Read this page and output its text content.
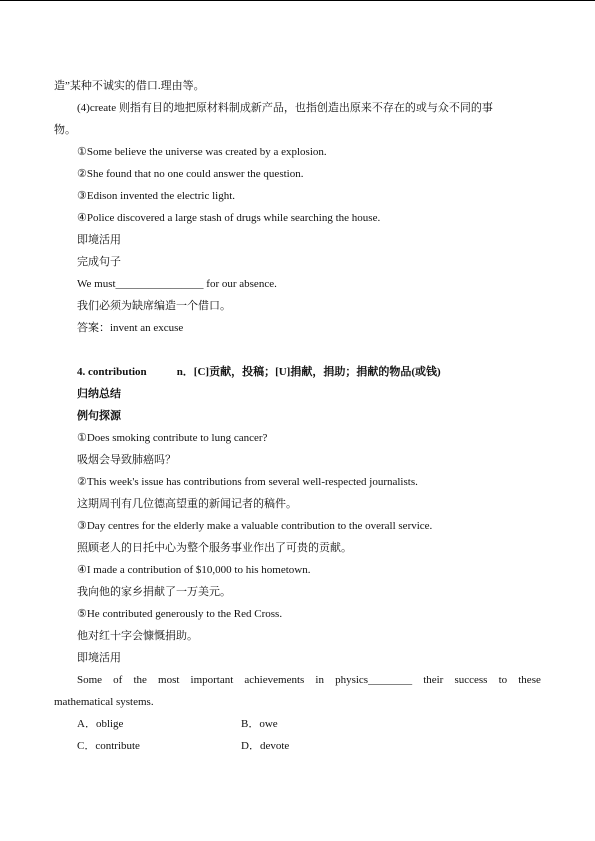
造”某种不诚实的借口.理由等。
(4)create 则指有目的地把原材料制成新产品，也指创造出原来不存在的或与众不同的事
物。
①Some believe the universe was created by a explosion.
②She found that no one could answer the question.
③Edison invented the electric light.
④Police discovered a large stash of drugs while searching the house.
即境活用
完成句子
We must________________ for our absence.
我们必须为缺席编造一个借口。
答案：invent an excuse
4. contribution	n．[C]贡献，投稿；[U]捐献，捐助；捐献的物品(或钱)
归纳总结
例句探源
①Does smoking contribute to lung cancer?
吸烟会导致肺癌吗？
②This week's issue has contributions from several well-respected journalists.
这期周刊有几位德高望重的新闻记者的稿件。
③Day centres for the elderly make a valuable contribution to the overall service.
照顾老人的日托中心为整个服务事业作出了可贵的贡献。
④I made a contribution of $10,000 to his hometown.
我向他的家乡捐献了一万美元。
⑤He contributed generously to the Red Cross.
他对红十字会慷慨捐助。
即境活用
Some of the most important achievements in physics________ their success to these
mathematical systems.
A．oblige	B．owe
C．contribute	D．devote
